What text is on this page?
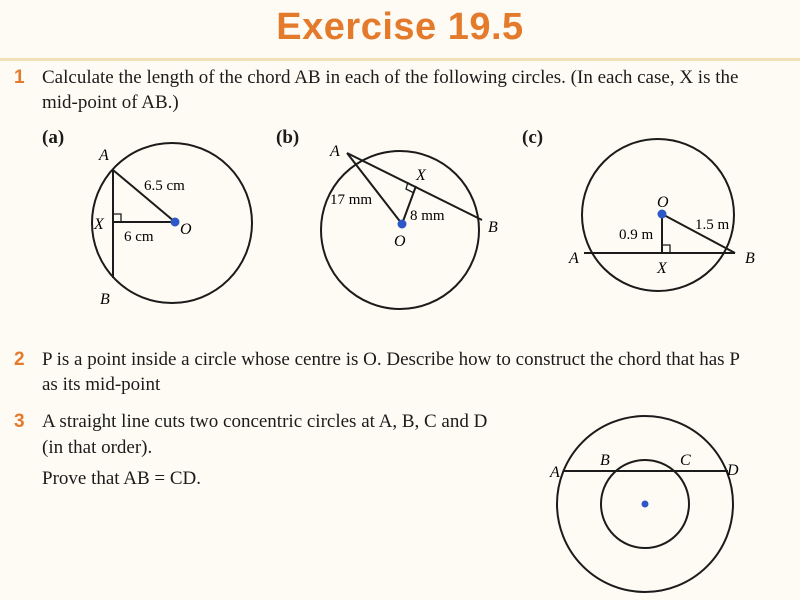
Exercise 19.5
1 Calculate the length of the chord AB in each of the following circles. (In each case, X is the
mid-point of AB.)
(a)	(b)	(c)
A
X	O
B
6.5 cm
6 cm
A
X
O
B
17 mm
8 mm
A
X
O
B
1.5 m
0.9 m
2 P is a point inside a circle whose centre is O. Describe how to construct the chord that has P
as its mid-point
3 A straight line cuts two concentric circles at A, B, C and D
(in that order).
Prove that AB = CD.	A
B	C
D
